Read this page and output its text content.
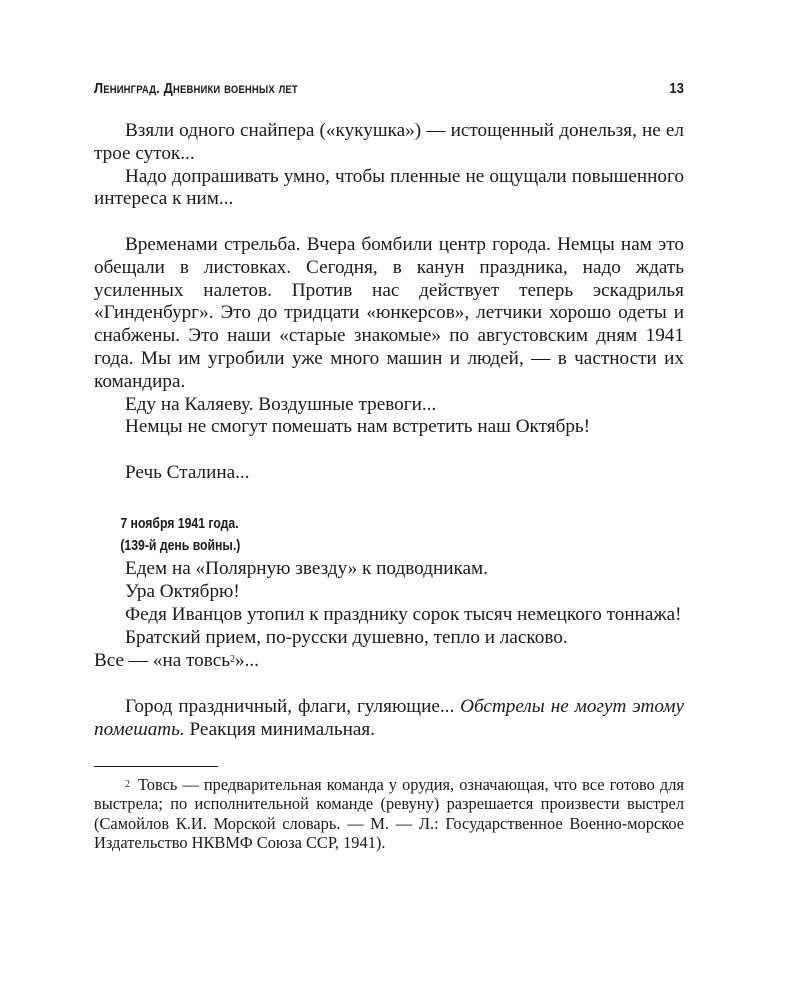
Ленинград. Дневники военных лет	13

Взяли одного снайпера («кукушка») — истощенный донельзя, не ел трое суток...

Надо допрашивать умно, чтобы пленные не ощущали повышенного интереса к ним...

Временами стрельба. Вчера бомбили центр города. Немцы нам это обещали в листовках. Сегодня, в канун праздника, надо ждать усиленных налетов. Против нас действует теперь эскадрилья «Гинденбург». Это до тридцати «юнкерсов», летчики хорошо одеты и снабжены. Это наши «старые знакомые» по августовским дням 1941 года. Мы им угробили уже много машин и людей, — в частности их командира.

Еду на Каляеву. Воздушные тревоги...

Немцы не смогут помешать нам встретить наш Октябрь!

Речь Сталина...

7 ноября 1941 года.

(139-й день войны.)

Едем на «Полярную звезду» к подводникам.

Ура Октябрю!

Федя Иванцов утопил к празднику сорок тысяч немецкого тоннажа!

Братский прием, по-русски душевно, тепло и ласково.

Все — «на товсь$^2$»...

Город праздничный, флаги, гуляющие... Обстрелы не могут этому помешать. Реакция минимальная.

2 Товсь — предварительная команда у орудия, означающая, что все готово для выстрела; по исполнительной команде (ревуну) разрешается произвести выстрел (Самойлов К.И. Морской словарь. — М. — Л.: Государственное Военно-морское Издательство НКВМФ Союза ССР, 1941).
